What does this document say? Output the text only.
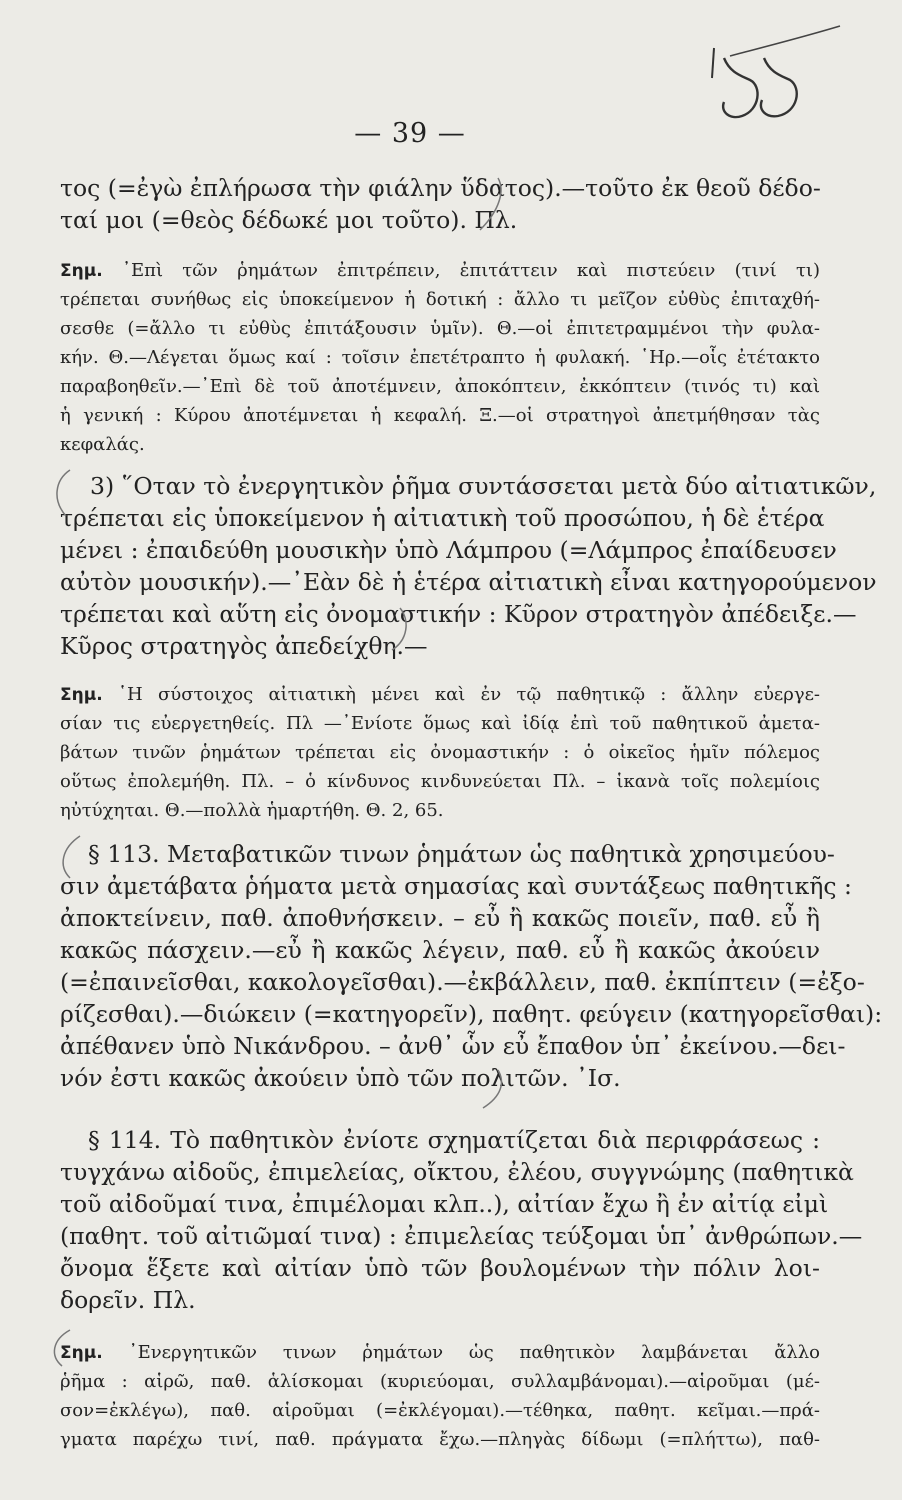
— 39 —
τος (=ἐγὼ ἐπλήρωσα τὴν φιάλην ὕδατος).—τοῦτο ἐκ θεοῦ δέδο-
ταί μοι (=θεὸς δέδωκέ μοι τοῦτο). Πλ.
Σημ. ᾿Επὶ τῶν ῥημάτων ἐπιτρέπειν, ἐπιτάττειν καὶ πιστεύειν (τινί τι)
τρέπεται συνήθως εἰς ὑποκείμενον ἡ δοτική : ἄλλο τι μεῖζον εὐθὺς ἐπιταχθή-
σεσθε (=ἄλλο τι εὐθὺς ἐπιτάξουσιν ὑμῖν). Θ.—οἱ ἐπιτετραμμένοι τὴν φυλα-
κήν. Θ.—Λέγεται ὅμως καί : τοῖσιν ἐπετέτραπτο ἡ φυλακή. ῾Ηρ.—οἷς ἐτέτακτο
παραβοηθεῖν.—᾿Επὶ δὲ τοῦ ἀποτέμνειν, ἀποκόπτειν, ἐκκόπτειν (τινός τι) καὶ
ἡ γενική : Κύρου ἀποτέμνεται ἡ κεφαλή. Ξ.—οἱ στρατηγοὶ ἀπετμήθησαν τὰς
κεφαλάς.
3) ῞Οταν τὸ ἐνεργητικὸν ῥῆμα συντάσσεται μετὰ δύο αἰτιατικῶν,
τρέπεται εἰς ὑποκείμενον ἡ αἰτιατικὴ τοῦ προσώπου, ἡ δὲ ἑτέρα
μένει : ἐπαιδεύθη μουσικὴν ὑπὸ Λάμπρου (=Λάμπρος ἐπαίδευσεν
αὐτὸν μουσικήν).—᾿Εὰν δὲ ἡ ἑτέρα αἰτιατικὴ εἶναι κατηγορούμενον
τρέπεται καὶ αὕτη εἰς ὀνομαστικήν : Κῦρον στρατηγὸν ἀπέδειξε.—
Κῦρος στρατηγὸς ἀπεδείχθη.—
Σημ. ῾Η σύστοιχος αἰτιατικὴ μένει καὶ ἐν τῷ παθητικῷ : ἄλλην εὐεργε-
σίαν τις εὐεργετηθείς. Πλ —᾿Ενίοτε ὅμως καὶ ἰδίᾳ ἐπὶ τοῦ παθητικοῦ ἀμετα-
βάτων τινῶν ῥημάτων τρέπεται εἰς ὀνομαστικήν : ὁ οἰκεῖος ἡμῖν πόλεμος
οὕτως ἐπολεμήθη. Πλ. – ὁ κίνδυνος κινδυνεύεται Πλ. – ἱκανὰ τοῖς πολεμίοις
ηὐτύχηται. Θ.—πολλὰ ἡμαρτήθη. Θ. 2, 65.
§ 113. Μεταβατικῶν τινων ῥημάτων ὡς παθητικὰ χρησιμεύου-
σιν ἀμετάβατα ῥήματα μετὰ σημασίας καὶ συντάξεως παθητικῆς :
ἀποκτείνειν, παθ. ἀποθνήσκειν. – εὖ ἢ κακῶς ποιεῖν, παθ. εὖ ἢ
κακῶς πάσχειν.—εὖ ἢ κακῶς λέγειν, παθ. εὖ ἢ κακῶς ἀκούειν
(=ἐπαινεῖσθαι, κακολογεῖσθαι).—ἐκβάλλειν, παθ. ἐκπίπτειν (=ἐξο-
ρίζεσθαι).—διώκειν (=κατηγορεῖν), παθητ. φεύγειν (κατηγορεῖσθαι):
ἀπέθανεν ὑπὸ Νικάνδρου. – ἀνθ᾿ ὧν εὖ ἔπαθον ὑπ᾿ ἐκείνου.—δει-
νόν ἐστι κακῶς ἀκούειν ὑπὸ τῶν πολιτῶν. ᾿Ισ.
§ 114. Τὸ παθητικὸν ἐνίοτε σχηματίζεται διὰ περιφράσεως :
τυγχάνω αἰδοῦς, ἐπιμελείας, οἴκτου, ἐλέου, συγγνώμης (παθητικὰ
τοῦ αἰδοῦμαί τινα, ἐπιμέλομαι κλπ..), αἰτίαν ἔχω ἢ ἐν αἰτίᾳ εἰμὶ
(παθητ. τοῦ αἰτιῶμαί τινα) : ἐπιμελείας τεύξομαι ὑπ᾿ ἀνθρώπων.—
ὄνομα ἕξετε καὶ αἰτίαν ὑπὸ τῶν βουλομένων τὴν πόλιν λοι-
δορεῖν. Πλ.
Σημ. ᾿Ενεργητικῶν τινων ῥημάτων ὡς παθητικὸν λαμβάνεται ἄλλο
ῥῆμα : αἱρῶ, παθ. ἁλίσκομαι (κυριεύομαι, συλλαμβάνομαι).—αἱροῦμαι (μέ-
σον=ἐκλέγω), παθ. αἱροῦμαι (=ἐκλέγομαι).—τέθηκα, παθητ. κεῖμαι.—πρά-
γματα παρέχω τινί, παθ. πράγματα ἔχω.—πληγὰς δίδωμι (=πλήττω), παθ-
